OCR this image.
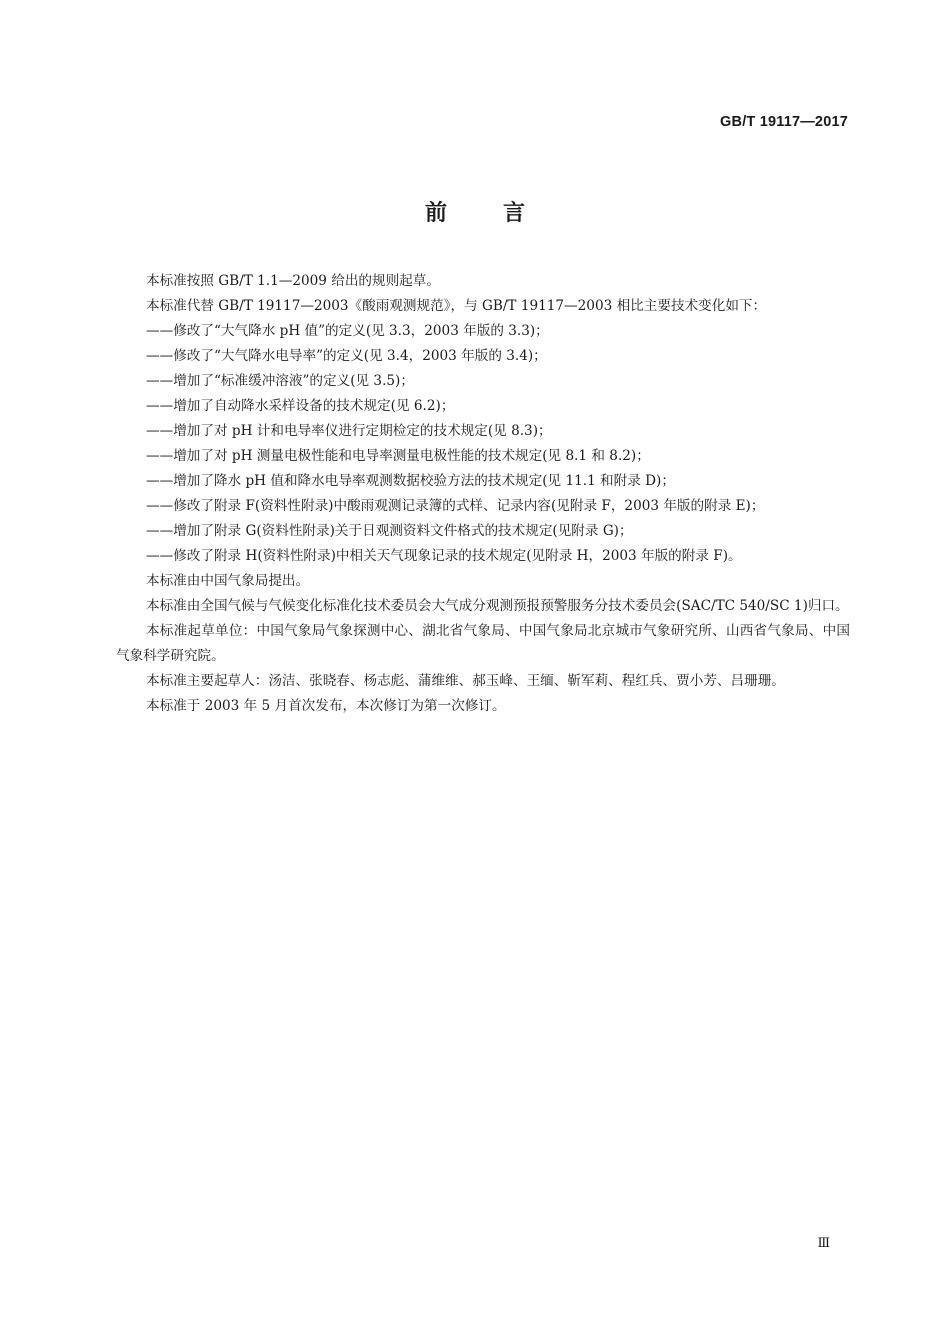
GB/T 19117—2017
前言

本标准按照 GB/T 1.1—2009 给出的规则起草。

本标准代替 GB/T 19117—2003《酸雨观测规范》，与 GB/T 19117—2003 相比主要技术变化如下：

——修改了“大气降水 pH 值”的定义(见 3.3，2003 年版的 3.3)；

——修改了“大气降水电导率”的定义(见 3.4，2003 年版的 3.4)；

——增加了“标准缓冲溶液”的定义(见 3.5)；

——增加了自动降水采样设备的技术规定(见 6.2)；

——增加了对 pH 计和电导率仪进行定期检定的技术规定(见 8.3)；

——增加了对 pH 测量电极性能和电导率测量电极性能的技术规定(见 8.1 和 8.2)；

——增加了降水 pH 值和降水电导率观测数据校验方法的技术规定(见 11.1 和附录 D)；

——修改了附录 F(资料性附录)中酸雨观测记录簿的式样、记录内容(见附录 F，2003 年版的附录 E)；

——增加了附录 G(资料性附录)关于日观测资料文件格式的技术规定(见附录 G)；

——修改了附录 H(资料性附录)中相关天气现象记录的技术规定(见附录 H，2003 年版的附录 F)。

本标准由中国气象局提出。

本标准由全国气候与气候变化标准化技术委员会大气成分观测预报预警服务分技术委员会(SAC/TC 540/SC 1)归口。

本标准起草单位：中国气象局气象探测中心、湖北省气象局、中国气象局北京城市气象研究所、山西省气象局、中国气象科学研究院。

本标准主要起草人：汤洁、张晓春、杨志彪、蒲维维、郝玉峰、王缅、靳军莉、程红兵、贾小芳、吕珊珊。

本标准于 2003 年 5 月首次发布，本次修订为第一次修订。

Ⅲ
